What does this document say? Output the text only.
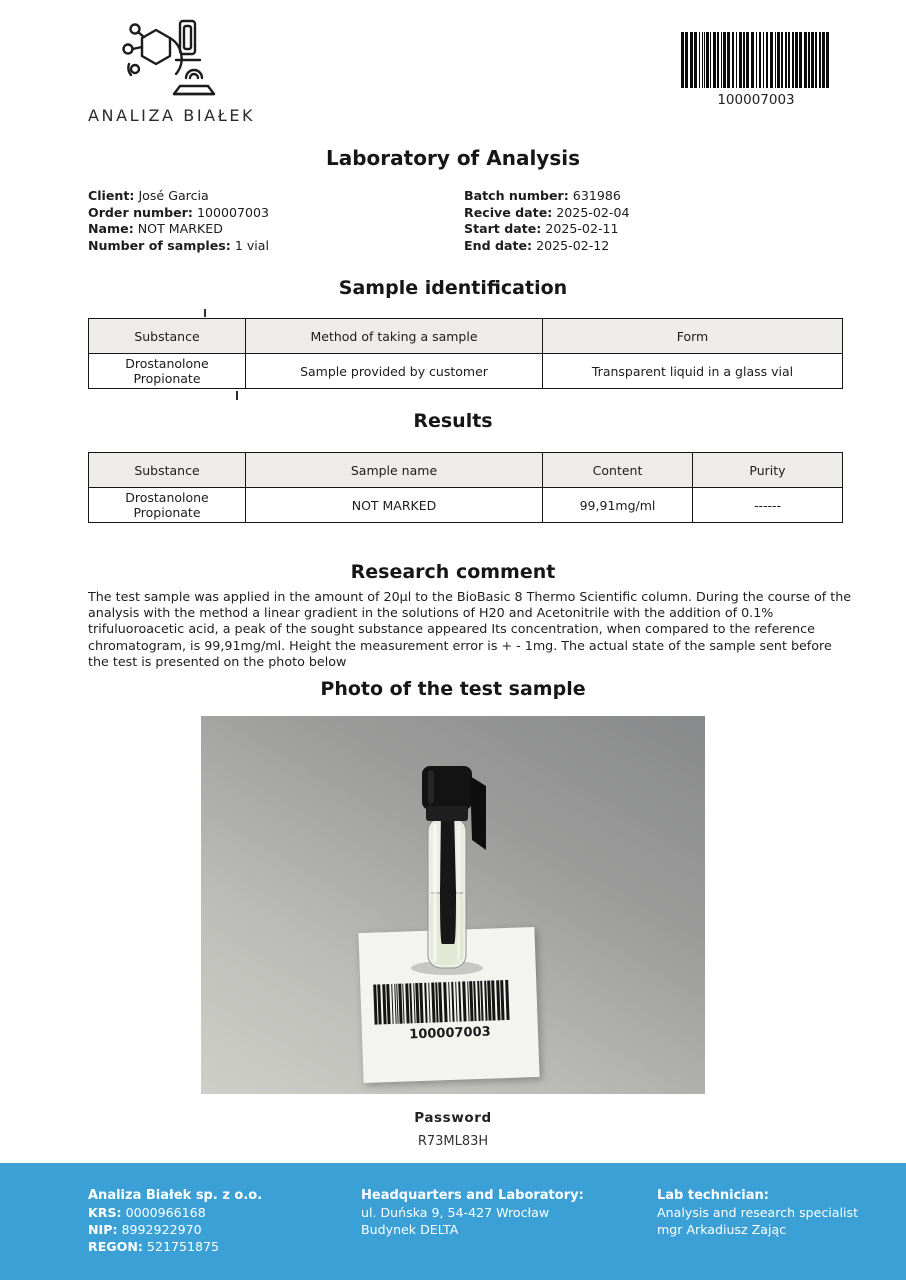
ANALIZA BIAŁEK
100007003
Laboratory of Analysis
Client: José Garcia
Order number: 100007003
Name: NOT MARKED
Number of samples: 1 vial
Batch number: 631986
Recive date: 2025-02-04
Start date: 2025-02-11
End date: 2025-02-12
Sample identification
Substance	Method of taking a sample	Form
Drostanolone Propionate	Sample provided by customer	Transparent liquid in a glass vial
Results
Substance	Sample name	Content	Purity
Drostanolone Propionate	NOT MARKED	99,91mg/ml	------
Research comment
The test sample was applied in the amount of 20µl to the BioBasic 8 Thermo Scientific column. During the course of the analysis with the method a linear gradient in the solutions of H20 and Acetonitrile with the addition of 0.1% trifuluoroacetic acid, a peak of the sought substance appeared Its concentration, when compared to the reference chromatogram, is 99,91mg/ml. Height the measurement error is + - 1mg. The actual state of the sample sent before the test is presented on the photo below
Photo of the test sample
100007003
Password
R73ML83H
Analiza Białek sp. z o.o.
KRS: 0000966168
NIP: 8992922970
REGON: 521751875
Headquarters and Laboratory:
ul. Duńska 9, 54-427 Wrocław
Budynek DELTA
Lab technician:
Analysis and research specialist
mgr Arkadiusz Zając
